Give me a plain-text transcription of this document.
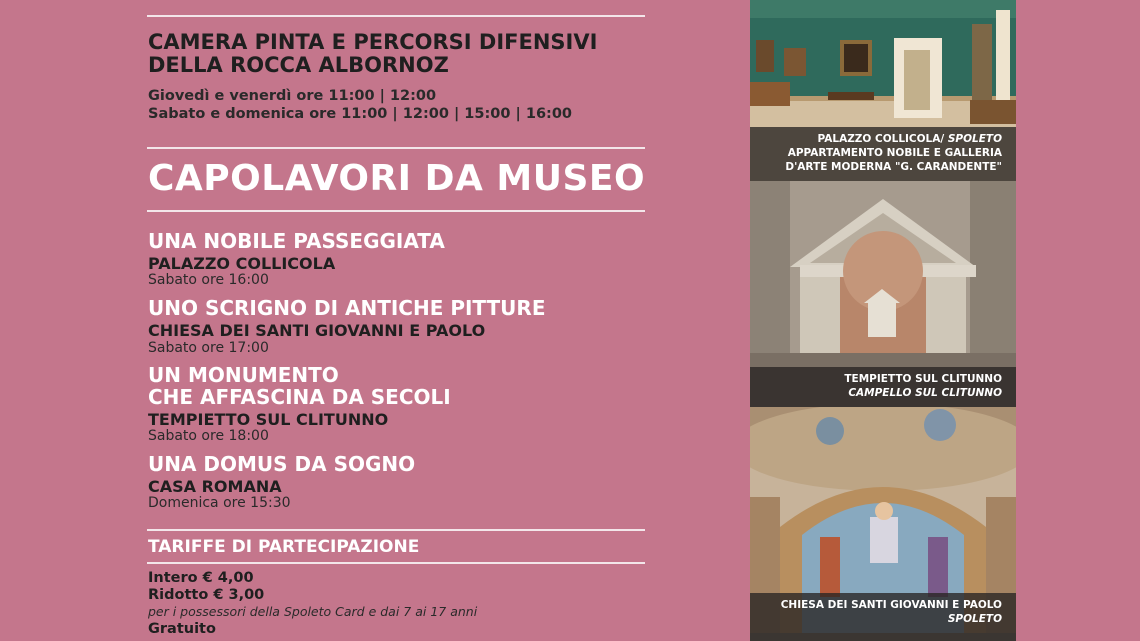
CAMERA PINTA E PERCORSI DIFENSIVI
DELLA ROCCA ALBORNOZ
Giovedì e venerdì ore 11:00 | 12:00
Sabato e domenica ore 11:00 | 12:00 | 15:00 | 16:00
CAPOLAVORI DA MUSEO
UNA NOBILE PASSEGGIATA
PALAZZO COLLICOLA
Sabato ore 16:00
UNO SCRIGNO DI ANTICHE PITTURE
CHIESA DEI SANTI GIOVANNI E PAOLO
Sabato ore 17:00
UN MONUMENTO
CHE AFFASCINA DA SECOLI
TEMPIETTO SUL CLITUNNO
Sabato ore 18:00
UNA DOMUS DA SOGNO
CASA ROMANA
Domenica ore 15:30
TARIFFE DI PARTECIPAZIONE
Intero € 4,00
Ridotto € 3,00
per i possessori della Spoleto Card e dai 7 ai 17 anni
Gratuito
PALAZZO COLLICOLA/ SPOLETO
APPARTAMENTO NOBILE E GALLERIA
D'ARTE MODERNA "G. CARANDENTE"
TEMPIETTO SUL CLITUNNO
CAMPELLO SUL CLITUNNO
CHIESA DEI SANTI GIOVANNI E PAOLO
SPOLETO
